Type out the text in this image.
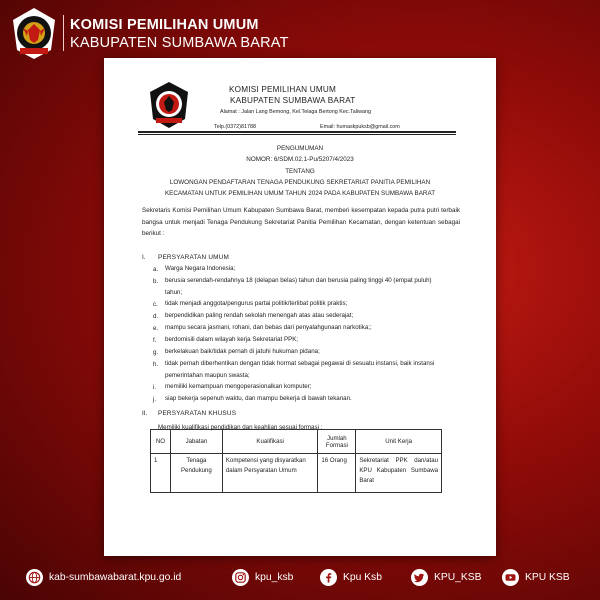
KOMISI PEMILIHAN UMUM
KABUPATEN SUMBAWA BARAT
KOMISI PEMILIHAN UMUM
KABUPATEN SUMBAWA BARAT
Alamat : Jalan Lang Bemong, Kel.Telaga Bertong Kec.Taliwang
Telp.(0372)81788	Email: humaskpuksb@gmail.com
PENGUMUMAN
NOMOR: 6/SDM.02.1-Pu/5207/4/2023
TENTANG
LOWONGAN PENDAFTARAN TENAGA PENDUKUNG SEKRETARIAT PANITIA PEMILIHAN
KECAMATAN UNTUK PEMILIHAN UMUM TAHUN 2024 PADA KABUPATEN SUMBAWA BARAT
Sekretaris Komisi Pemilihan Umum Kabupaten Sumbawa Barat, memberi kesempatan kepada putra putri terbaik bangsa untuk menjadi Tenaga Pendukung Sekretariat Panitia Pemilihan Kecamatan, dengan ketentuan sebagai berikut :
I. PERSYARATAN UMUM
a. Warga Negara Indonesia;
b. berusia serendah-rendahnya 18 (delapan belas) tahun dan berusia paling tinggi 40 (empat puluh) tahun;
c. tidak menjadi anggota/pengurus partai politik/terlibat politik praktis;
d. berpendidikan paling rendah sekolah menengah atas atau sederajat;
e. mampu secara jasmani, rohani, dan bebas dari penyalahgunaan narkotika;;
f. berdomisili dalam wilayah kerja Sekretariat PPK;
g. berkelakuan baik/tidak pernah di jatuhi hukuman pidana;
h. tidak pernah diberhentikan dengan tidak hormat sebagai pegawai di sesuatu instansi, baik instansi pemerintahan maupun swasta;
i. memiliki kemampuan mengoperasionalkan komputer;
j. siap bekerja sepenuh waktu, dan mampu bekerja di bawah tekanan.
II. PERSYARATAN KHUSUS
Memiliki kualifikasi pendidikan dan keahlian sesuai formasi :
NO	Jabatan	Kualifikasi	Jumlah Formasi	Unit Kerja
1	Tenaga Pendukung	Kompetensi yang disyaratkan dalam Persyaratan Umum	16 Orang	Sekretariat PPK dan/atau KPU Kabupaten Sumbawa Barat
kab-sumbawabarat.kpu.go.id	kpu_ksb	Kpu Ksb	KPU_KSB	KPU KSB
